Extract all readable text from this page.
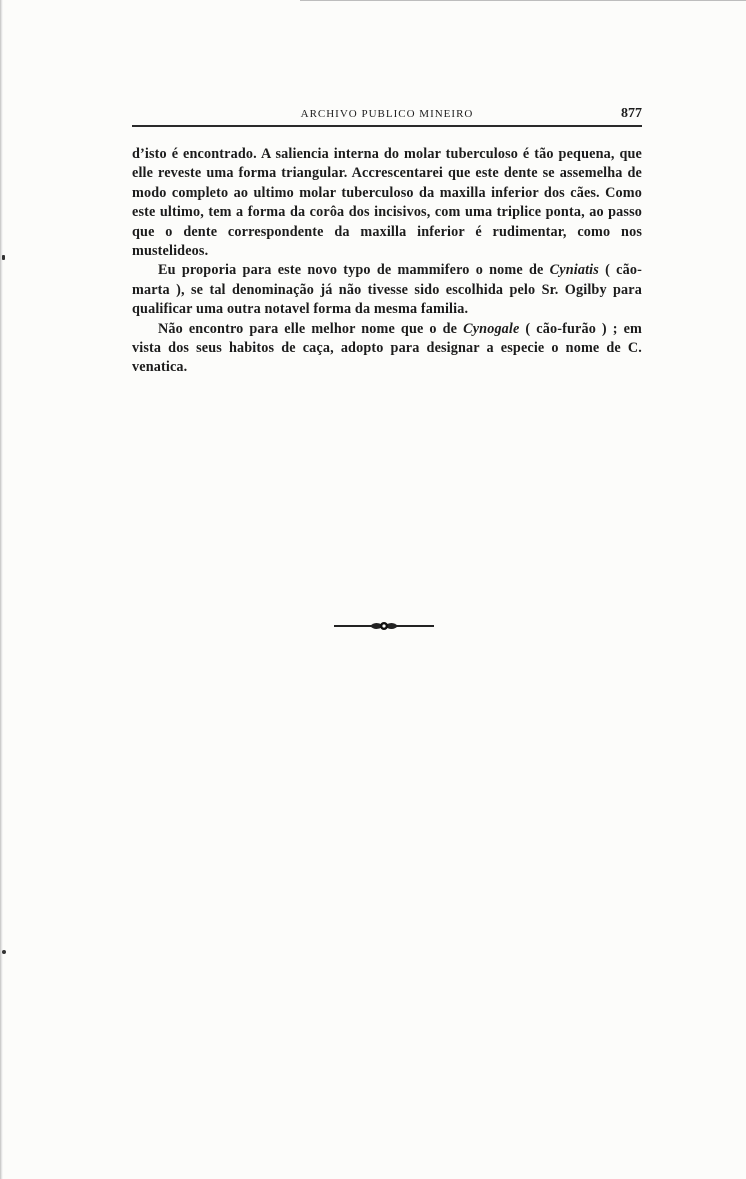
ARCHIVO PUBLICO MINEIRO	877

d’isto é encontrado. A saliencia interna do molar tuberculoso é tão pequena, que elle reveste uma forma triangular. Accrescentarei que este dente se assemelha de modo completo ao ultimo molar tuberculoso da maxilla inferior dos cães. Como este ultimo, tem a forma da corôa dos incisivos, com uma triplice ponta, ao passo que o dente correspondente da maxilla inferior é rudimentar, como nos mustelideos.

Eu proporia para este novo typo de mammifero o nome de Cyniatis ( cão-marta ), se tal denominação já não tivesse sido escolhida pelo Sr. Ogilby para qualificar uma outra notavel forma da mesma familia.

Não encontro para elle melhor nome que o de Cynogale ( cão-furão ) ; em vista dos seus habitos de caça, adopto para designar a especie o nome de C. venatica.
